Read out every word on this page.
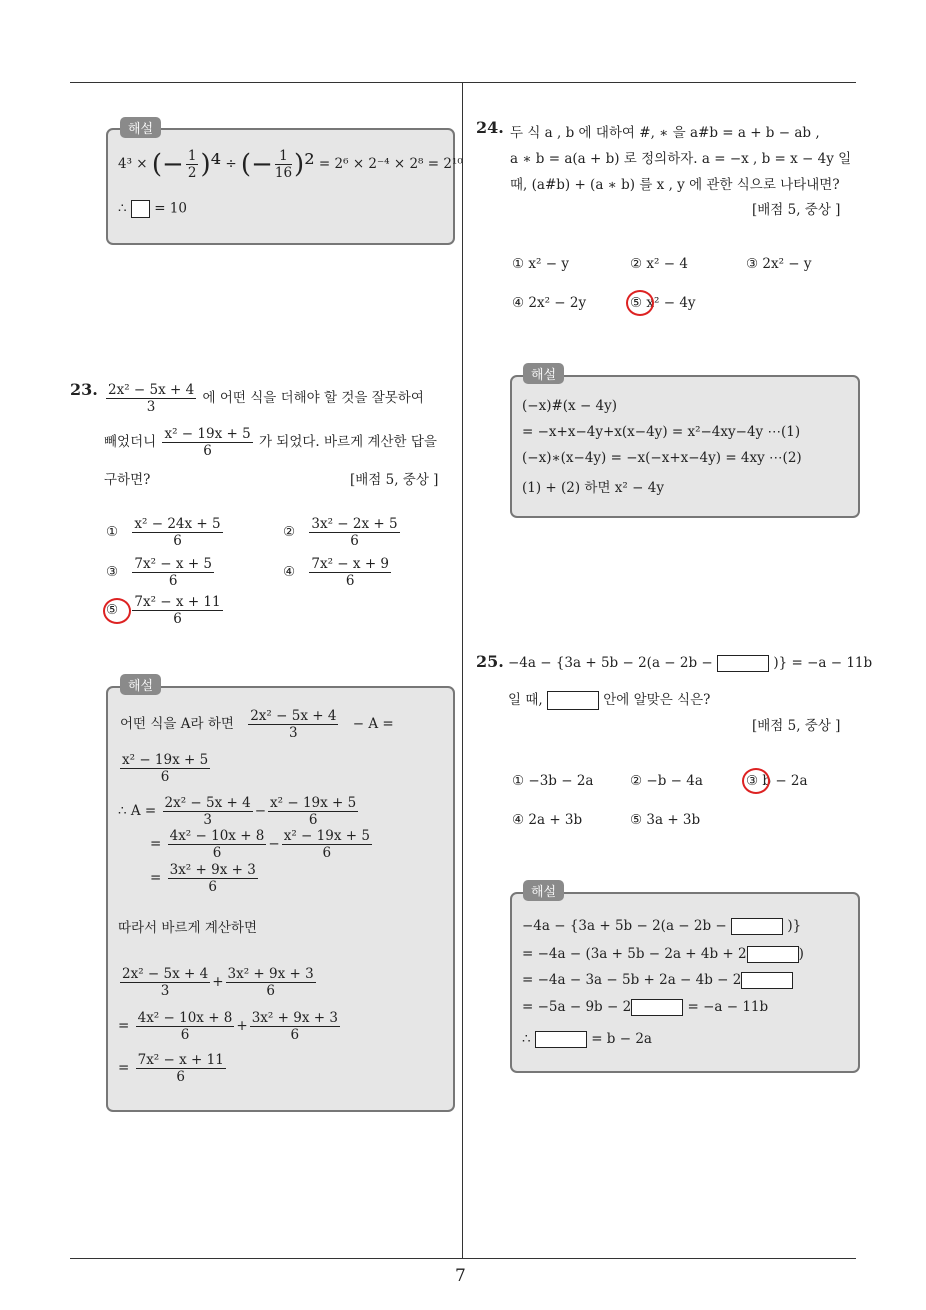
해설
4³ × (− $\frac{1}{2} )^4$ ÷ (− $\frac{1}{16} )^2 = 2^6 \times 2^{-4} \times 2^8 = 2^{10}$
∴ = 10
23. $\frac{\text{2x² − 5x + 4}}{3}$ 에 어떤 식을 더해야 할 것을 잘못하여
빼었더니 $\frac{\text{x² − 19x + 5}}{6}$ 가 되었다. 바르게 계산한 답을
구하면?	[배점 5, 중상 ]
① $\frac{\text{x² − 24x + 5}}{6}$	② $\frac{\text{3x² − 2x + 5}}{6}$
③ $\frac{\text{7x² − x + 5}}{6}$	④ $\frac{\text{7x² − x + 9}}{6}$
⑤ $\frac{\text{7x² − x + 11}}{6}$
해설
어떤 식을 A라 하면 $\frac{\text{2x² − 5x + 4}}{3} - A$ =
$\frac{\text{x² − 19x + 5}}{6}$
∴ $A = \frac{\text{2x² − 5x + 4}}{3} - \frac{\text{x² − 19x + 5}}{6}$
= $\frac{\text{4x² − 10x + 8}}{6} - \frac{\text{x² − 19x + 5}}{6}$
= $\frac{\text{3x² + 9x + 3}}{6}$
따라서 바르게 계산하면
$\frac{\text{2x² − 5x + 4}}{3} + \frac{\text{3x² + 9x + 3}}{6}$
= $\frac{\text{4x² − 10x + 8}}{6} + \frac{\text{3x² + 9x + 3}}{6}$
= $\frac{\text{7x² − x + 11}}{6}$
24. 두 식 a , b 에 대하여 #, ∗ 을 a#b = a + b − ab ,
a ∗ b = a(a + b) 로 정의하자. a = −x , b = x − 4y 일
때, (a#b) + (a ∗ b) 를 x , y 에 관한 식으로 나타내면?
[배점 5, 중상 ]
① x² − y	② x² − 4	③ 2x² − y
④ 2x² − 2y	⑤ x² − 4y
해설
(−x)#(x − 4y)
= −x+x−4y+x(x−4y) = x²−4xy−4y ⋯(1)
(−x)∗(x−4y) = −x(−x+x−4y) = 4xy ⋯(2)
(1) + (2) 하면 x² − 4y
25. −4a − {3a + 5b − 2(a − 2b −	)} = −a − 11b
일 때,	안에 알맞은 식은?
[배점 5, 중상 ]
① −3b − 2a	② −b − 4a	③ b − 2a
④ 2a + 3b	⑤ 3a + 3b
해설
−4a − {3a + 5b − 2(a − 2b −	)}
= −4a − (3a + 5b − 2a + 4b + 2	)
= −4a − 3a − 5b + 2a − 4b − 2
= −5a − 9b − 2	= −a − 11b
∴	= b − 2a
7
